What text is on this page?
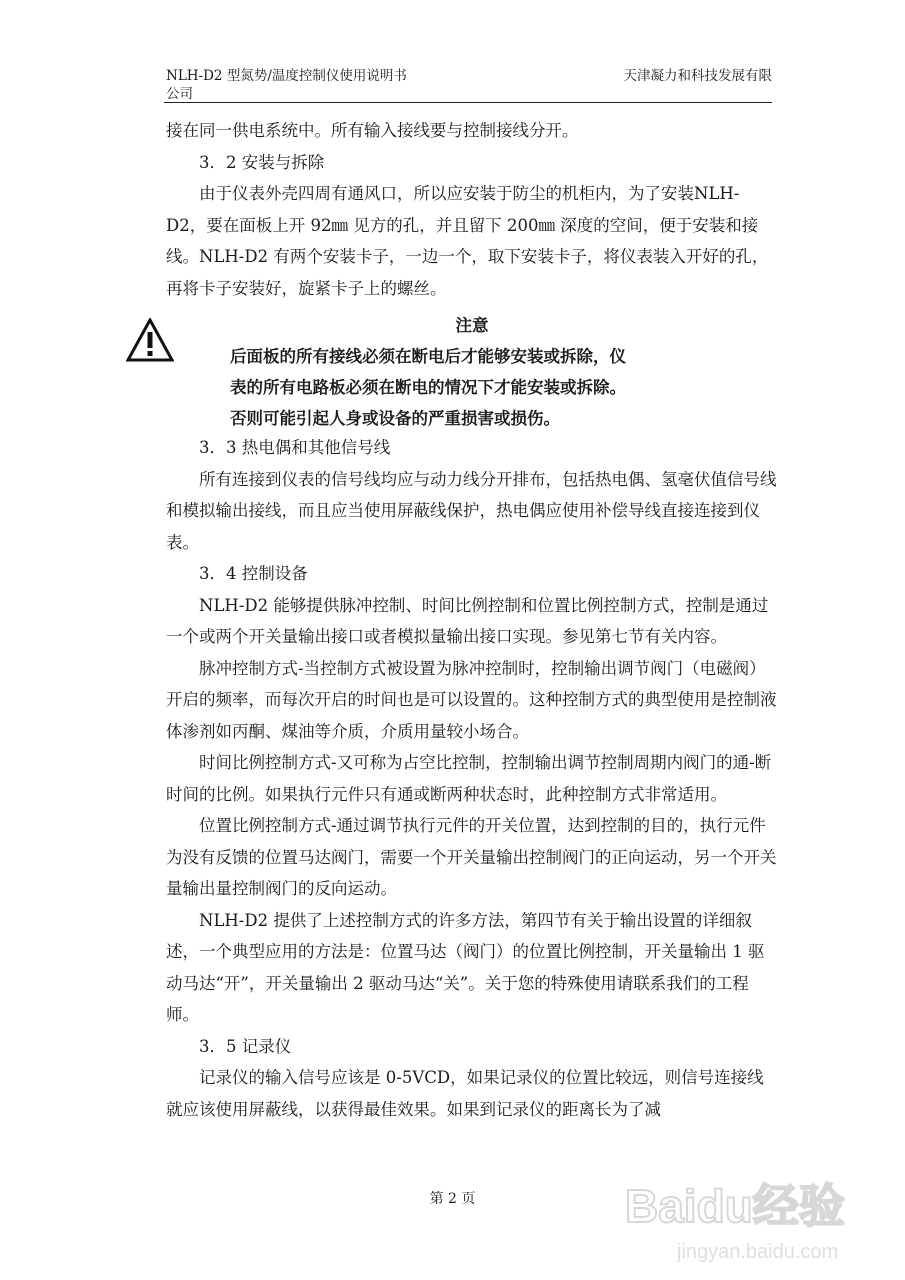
NLH-D2 型氮势/温度控制仪使用说明书
公司
天津凝力和科技发展有限

接在同一供电系统中。所有输入接线要与控制接线分开。

3．2 安装与拆除

由于仪表外壳四周有通风口，所以应安装于防尘的机柜内，为了安装NLH-D2，要在面板上开 92㎜ 见方的孔，并且留下 200㎜ 深度的空间，便于安装和接线。NLH-D2 有两个安装卡子，一边一个，取下安装卡子，将仪表装入开好的孔，再将卡子安装好，旋紧卡子上的螺丝。

注意
后面板的所有接线必须在断电后才能够安装或拆除，仪
表的所有电路板必须在断电的情况下才能安装或拆除。
否则可能引起人身或设备的严重损害或损伤。

3．3 热电偶和其他信号线

所有连接到仪表的信号线均应与动力线分开排布，包括热电偶、氢毫伏值信号线和模拟输出接线，而且应当使用屏蔽线保护，热电偶应使用补偿导线直接连接到仪表。

3．4 控制设备

NLH-D2 能够提供脉冲控制、时间比例控制和位置比例控制方式，控制是通过一个或两个开关量输出接口或者模拟量输出接口实现。参见第七节有关内容。

脉冲控制方式-当控制方式被设置为脉冲控制时，控制输出调节阀门（电磁阀）开启的频率，而每次开启的时间也是可以设置的。这种控制方式的典型使用是控制液体渗剂如丙酮、煤油等介质，介质用量较小场合。

时间比例控制方式-又可称为占空比控制，控制输出调节控制周期内阀门的通-断时间的比例。如果执行元件只有通或断两种状态时，此种控制方式非常适用。

位置比例控制方式-通过调节执行元件的开关位置，达到控制的目的，执行元件为没有反馈的位置马达阀门，需要一个开关量输出控制阀门的正向运动，另一个开关量输出量控制阀门的反向运动。

NLH-D2 提供了上述控制方式的许多方法，第四节有关于输出设置的详细叙述，一个典型应用的方法是：位置马达（阀门）的位置比例控制，开关量输出 1 驱动马达“开”，开关量输出 2 驱动马达“关”。关于您的特殊使用请联系我们的工程师。

3．5 记录仪

记录仪的输入信号应该是 0-5VCD，如果记录仪的位置比较远，则信号连接线就应该使用屏蔽线，以获得最佳效果。如果到记录仪的距离长为了减

第 2 页	Baidu经验
jingyan.baidu.com
